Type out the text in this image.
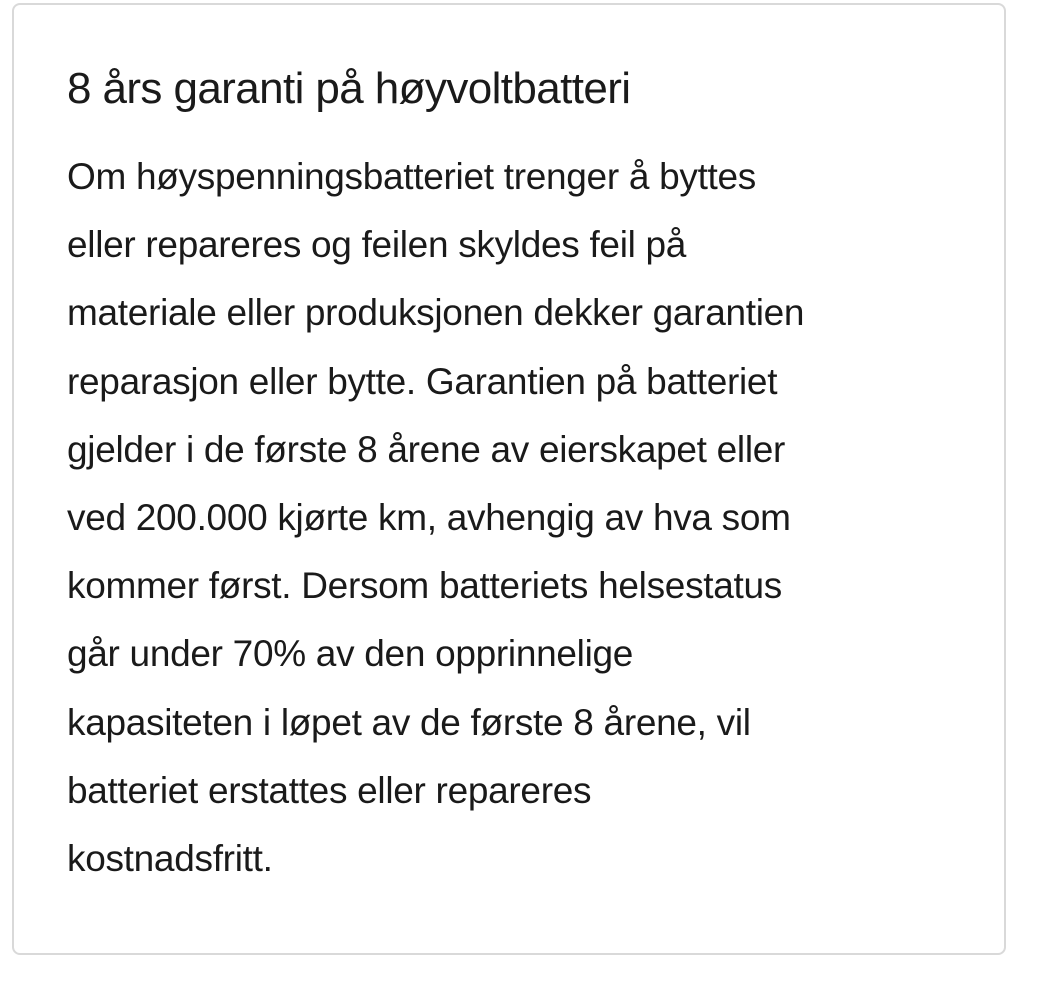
8 års garanti på høyvoltbatteri

Om høyspenningsbatteriet trenger å byttes
eller repareres og feilen skyldes feil på
materiale eller produksjonen dekker garantien
reparasjon eller bytte. Garantien på batteriet
gjelder i de første 8 årene av eierskapet eller
ved 200.000 kjørte km, avhengig av hva som
kommer først. Dersom batteriets helsestatus
går under 70% av den opprinnelige
kapasiteten i løpet av de første 8 årene, vil
batteriet erstattes eller repareres
kostnadsfritt.
